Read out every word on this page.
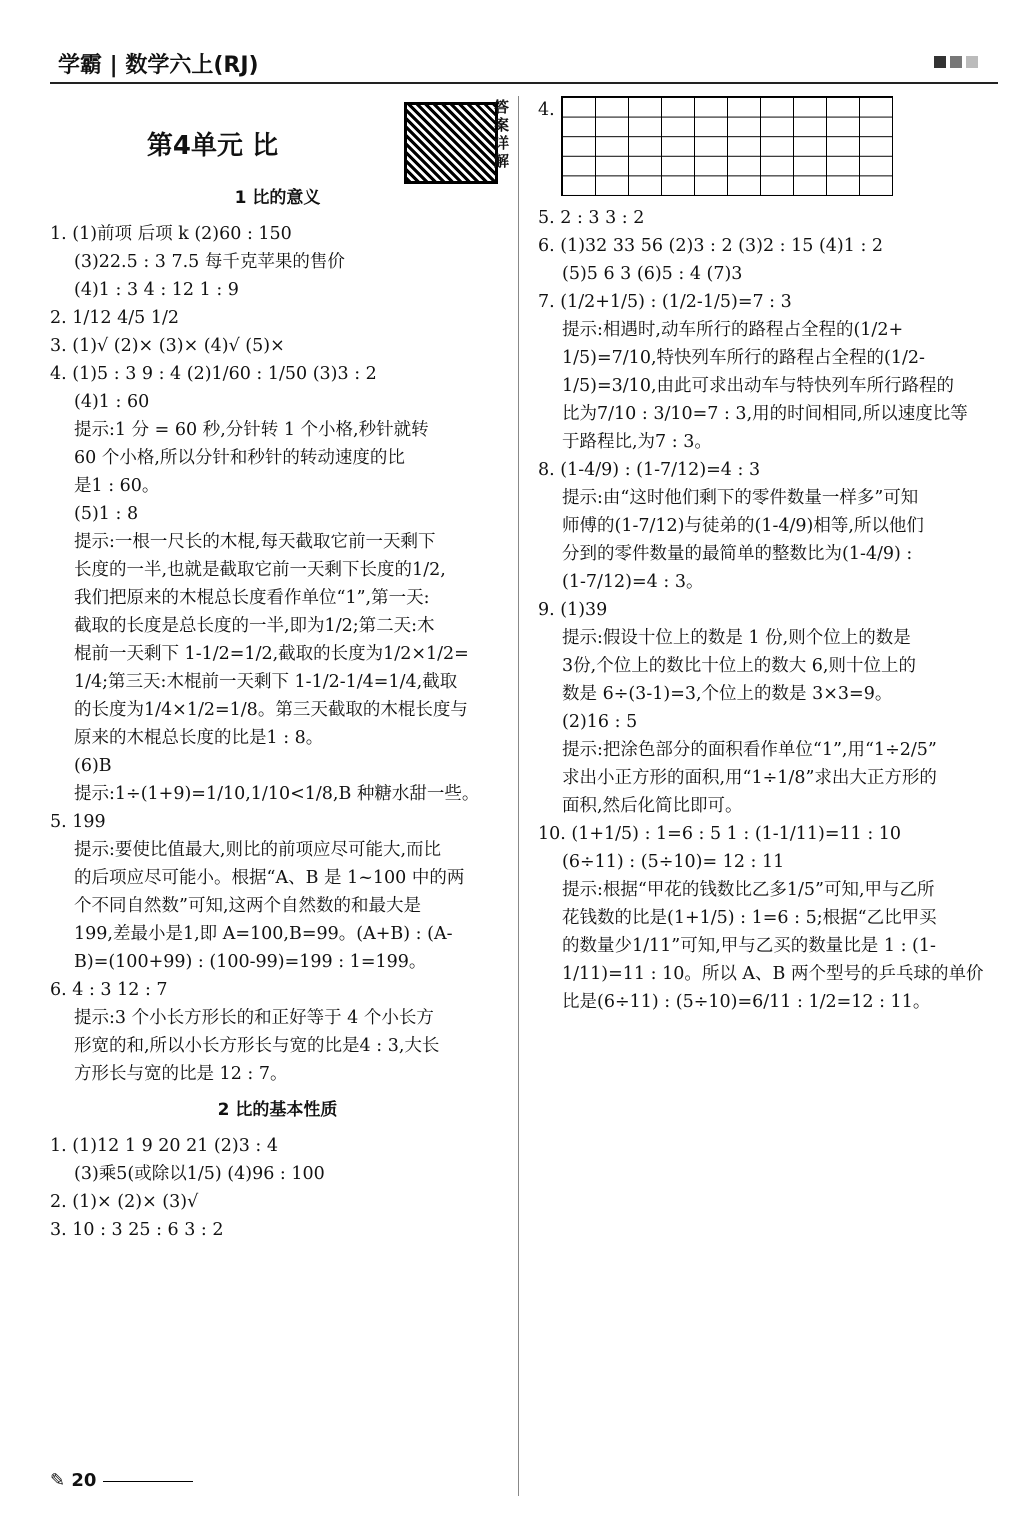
学霸 | 数学六上(RJ)
第4单元 比
答案详解
1 比的意义
1. (1)前项 后项 k (2)60 : 150
(3)22.5 : 3 7.5 每千克苹果的售价
(4)1 : 3 4 : 12 1 : 9
2. 1/12 4/5 1/2
3. (1)√ (2)× (3)× (4)√ (5)×
4. (1)5 : 3 9 : 4 (2)1/60 : 1/50 (3)3 : 2
(4)1 : 60
提示:1 分 = 60 秒,分针转 1 个小格,秒针就转
60 个小格,所以分针和秒针的转动速度的比
是1 : 60。
(5)1 : 8
提示:一根一尺长的木棍,每天截取它前一天剩下
长度的一半,也就是截取它前一天剩下长度的1/2,
我们把原来的木棍总长度看作单位“1”,第一天:
截取的长度是总长度的一半,即为1/2;第二天:木
棍前一天剩下 1-1/2=1/2,截取的长度为1/2×1/2=
1/4;第三天:木棍前一天剩下 1-1/2-1/4=1/4,截取
的长度为1/4×1/2=1/8。第三天截取的木棍长度与
原来的木棍总长度的比是1 : 8。
(6)B
提示:1÷(1+9)=1/10,1/10<1/8,B 种糖水甜一些。
5. 199
提示:要使比值最大,则比的前项应尽可能大,而比
的后项应尽可能小。根据“A、B 是 1~100 中的两
个不同自然数”可知,这两个自然数的和最大是
199,差最小是1,即 A=100,B=99。(A+B) : (A-
B)=(100+99) : (100-99)=199 : 1=199。
6. 4 : 3 12 : 7
提示:3 个小长方形长的和正好等于 4 个小长方
形宽的和,所以小长方形长与宽的比是4 : 3,大长
方形长与宽的比是 12 : 7。
2 比的基本性质
1. (1)12 1 9 20 21 (2)3 : 4
(3)乘5(或除以1/5) (4)96 : 100
2. (1)× (2)× (3)√
3. 10 : 3 25 : 6 3 : 2
4.
5. 2 : 3 3 : 2
6. (1)32 33 56 (2)3 : 2 (3)2 : 15 (4)1 : 2
(5)5 6 3 (6)5 : 4 (7)3
7. (1/2+1/5) : (1/2-1/5)=7 : 3
提示:相遇时,动车所行的路程占全程的(1/2+
1/5)=7/10,特快列车所行的路程占全程的(1/2-
1/5)=3/10,由此可求出动车与特快列车所行路程的
比为7/10 : 3/10=7 : 3,用的时间相同,所以速度比等
于路程比,为7 : 3。
8. (1-4/9) : (1-7/12)=4 : 3
提示:由“这时他们剩下的零件数量一样多”可知
师傅的(1-7/12)与徒弟的(1-4/9)相等,所以他们
分到的零件数量的最简单的整数比为(1-4/9) :
(1-7/12)=4 : 3。
9. (1)39
提示:假设十位上的数是 1 份,则个位上的数是
3份,个位上的数比十位上的数大 6,则十位上的
数是 6÷(3-1)=3,个位上的数是 3×3=9。
(2)16 : 5
提示:把涂色部分的面积看作单位“1”,用“1÷2/5”
求出小正方形的面积,用“1÷1/8”求出大正方形的
面积,然后化简比即可。
10. (1+1/5) : 1=6 : 5 1 : (1-1/11)=11 : 10
(6÷11) : (5÷10)= 12 : 11
提示:根据“甲花的钱数比乙多1/5”可知,甲与乙所
花钱数的比是(1+1/5) : 1=6 : 5;根据“乙比甲买
的数量少1/11”可知,甲与乙买的数量比是 1 : (1-
1/11)=11 : 10。所以 A、B 两个型号的乒乓球的单价
比是(6÷11) : (5÷10)=6/11 : 1/2=12 : 11。
✎ 20
